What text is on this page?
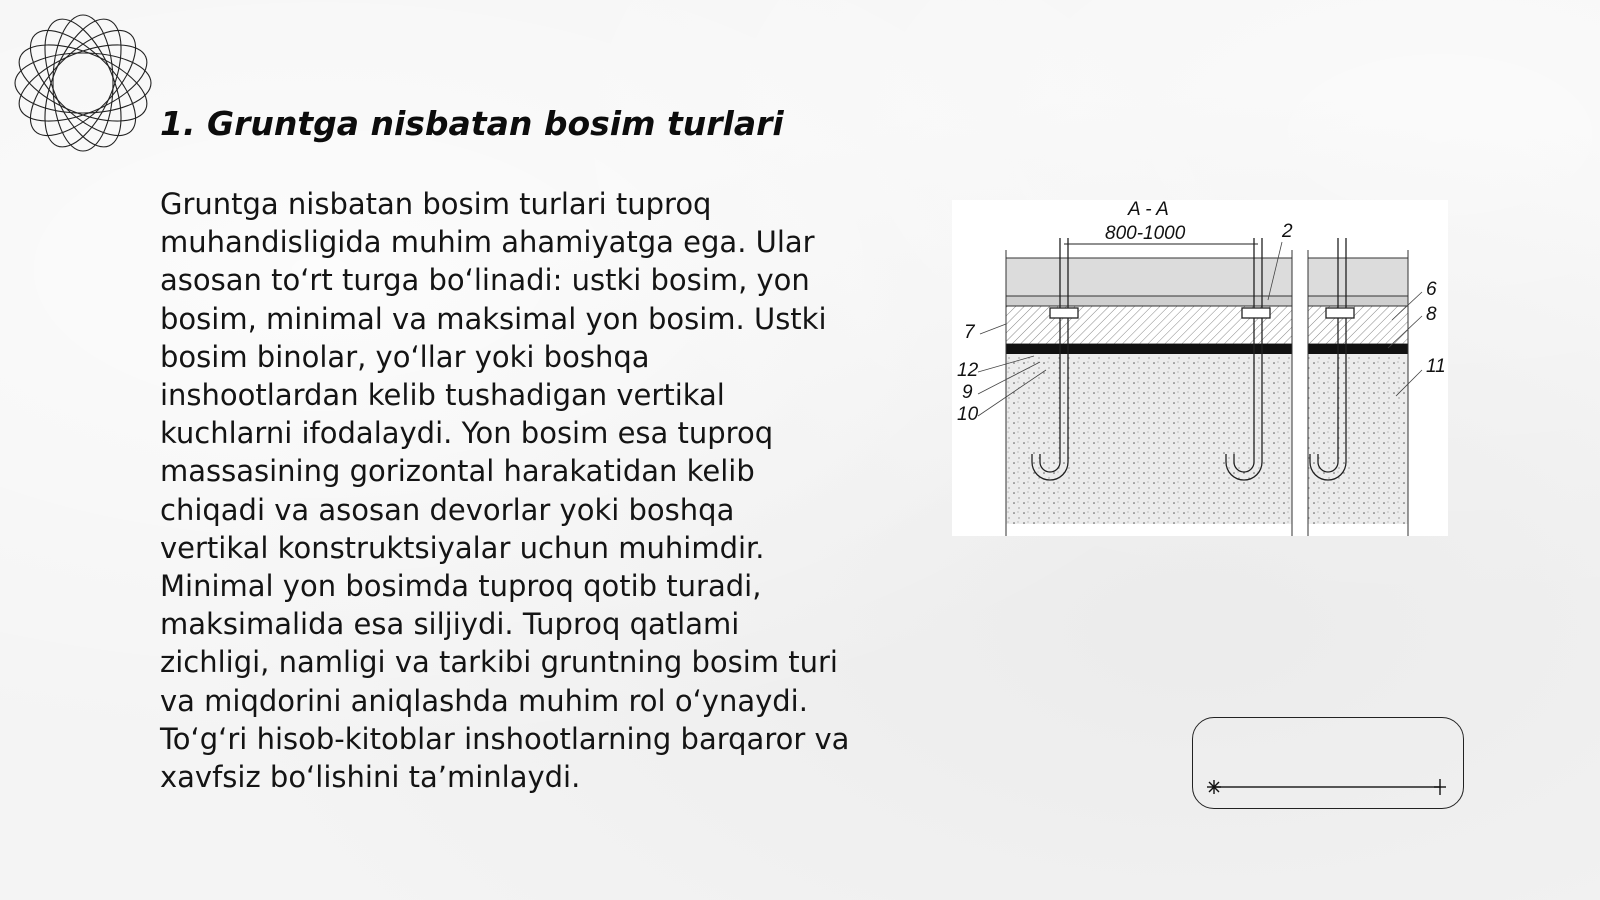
1. Gruntga nisbatan bosim turlari

Gruntga nisbatan bosim turlari tuproq muhandisligida muhim ahamiyatga ega. Ular asosan to‘rt turga bo‘linadi: ustki bosim, yon bosim, minimal va maksimal yon bosim. Ustki bosim binolar, yo‘llar yoki boshqa inshootlardan kelib tushadigan vertikal kuchlarni ifodalaydi. Yon bosim esa tuproq massasining gorizontal harakatidan kelib chiqadi va asosan devorlar yoki boshqa vertikal konstruktsiyalar uchun muhimdir. Minimal yon bosimda tuproq qotib turadi, maksimalida esa siljiydi. Tuproq qatlami zichligi, namligi va tarkibi gruntning bosim turi va miqdorini aniqlashda muhim rol o‘ynaydi. To‘g‘ri hisob-kitoblar inshootlarning barqaror va xavfsiz bo‘lishini ta’minlaydi.

A - A
800-1000	2
6
8
7
12
9
10
11
